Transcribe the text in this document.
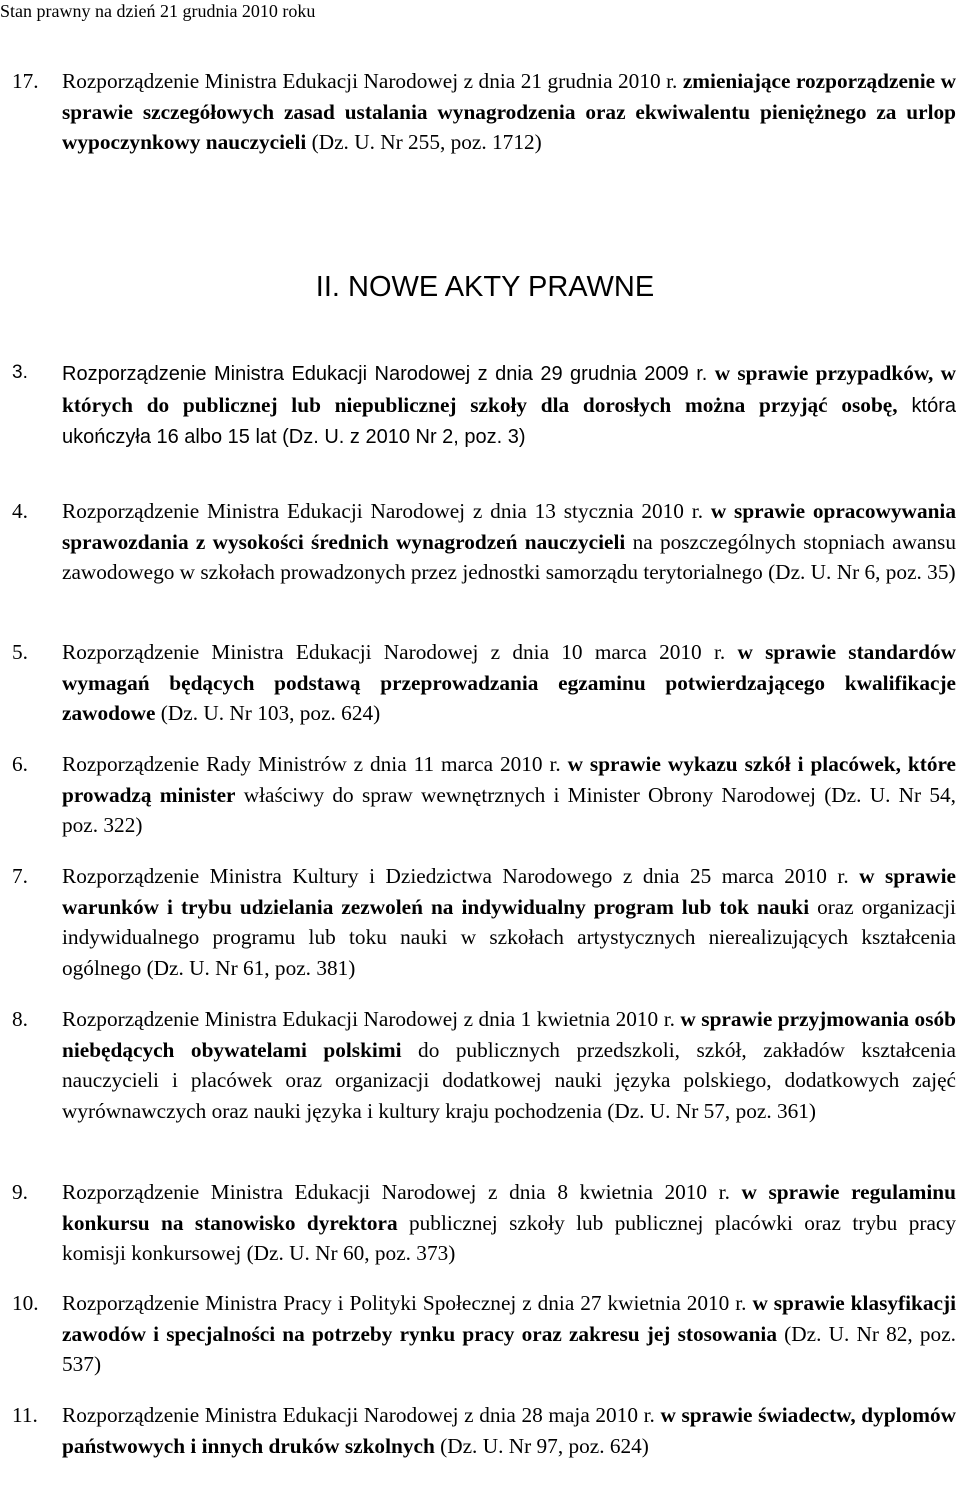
Stan prawny na dzień 21 grudnia 2010 roku
17.	Rozporządzenie Ministra Edukacji Narodowej z dnia 21 grudnia 2010 r. zmieniające rozporządzenie w sprawie szczegółowych zasad ustalania wynagrodzenia oraz ekwiwalentu pieniężnego za urlop wypoczynkowy nauczycieli (Dz. U. Nr 255, poz. 1712)
II. NOWE AKTY PRAWNE
3.	Rozporządzenie Ministra Edukacji Narodowej z dnia 29 grudnia 2009 r. w sprawie przypadków, w których do publicznej lub niepublicznej szkoły dla dorosłych można przyjąć osobę, która ukończyła 16 albo 15 lat (Dz. U. z 2010 Nr 2, poz. 3)
4.	Rozporządzenie Ministra Edukacji Narodowej z dnia 13 stycznia 2010 r. w sprawie opracowywania sprawozdania z wysokości średnich wynagrodzeń nauczycieli na poszczególnych stopniach awansu zawodowego w szkołach prowadzonych przez jednostki samorządu terytorialnego (Dz. U. Nr 6, poz. 35)
5.	Rozporządzenie Ministra Edukacji Narodowej z dnia 10 marca 2010 r. w sprawie standardów wymagań będących podstawą przeprowadzania egzaminu potwierdzającego kwalifikacje zawodowe (Dz. U. Nr 103, poz. 624)
6.	Rozporządzenie Rady Ministrów z dnia 11 marca 2010 r. w sprawie wykazu szkół i placówek, które prowadzą minister właściwy do spraw wewnętrznych i Minister Obrony Narodowej (Dz. U. Nr 54, poz. 322)
7.	Rozporządzenie Ministra Kultury i Dziedzictwa Narodowego z dnia 25 marca 2010 r. w sprawie warunków i trybu udzielania zezwoleń na indywidualny program lub tok nauki oraz organizacji indywidualnego programu lub toku nauki w szkołach artystycznych nierealizujących kształcenia ogólnego (Dz. U. Nr 61, poz. 381)
8.	Rozporządzenie Ministra Edukacji Narodowej z dnia 1 kwietnia 2010 r. w sprawie przyjmowania osób niebędących obywatelami polskimi do publicznych przedszkoli, szkół, zakładów kształcenia nauczycieli i placówek oraz organizacji dodatkowej nauki języka polskiego, dodatkowych zajęć wyrównawczych oraz nauki języka i kultury kraju pochodzenia (Dz. U. Nr 57, poz. 361)
9.	Rozporządzenie Ministra Edukacji Narodowej z dnia 8 kwietnia 2010 r. w sprawie regulaminu konkursu na stanowisko dyrektora publicznej szkoły lub publicznej placówki oraz trybu pracy komisji konkursowej (Dz. U. Nr 60, poz. 373)
10.	Rozporządzenie Ministra Pracy i Polityki Społecznej z dnia 27 kwietnia 2010 r. w sprawie klasyfikacji zawodów i specjalności na potrzeby rynku pracy oraz zakresu jej stosowania (Dz. U. Nr 82, poz. 537)
11.	Rozporządzenie Ministra Edukacji Narodowej z dnia 28 maja 2010 r. w sprawie świadectw, dyplomów państwowych i innych druków szkolnych (Dz. U. Nr 97, poz. 624)
